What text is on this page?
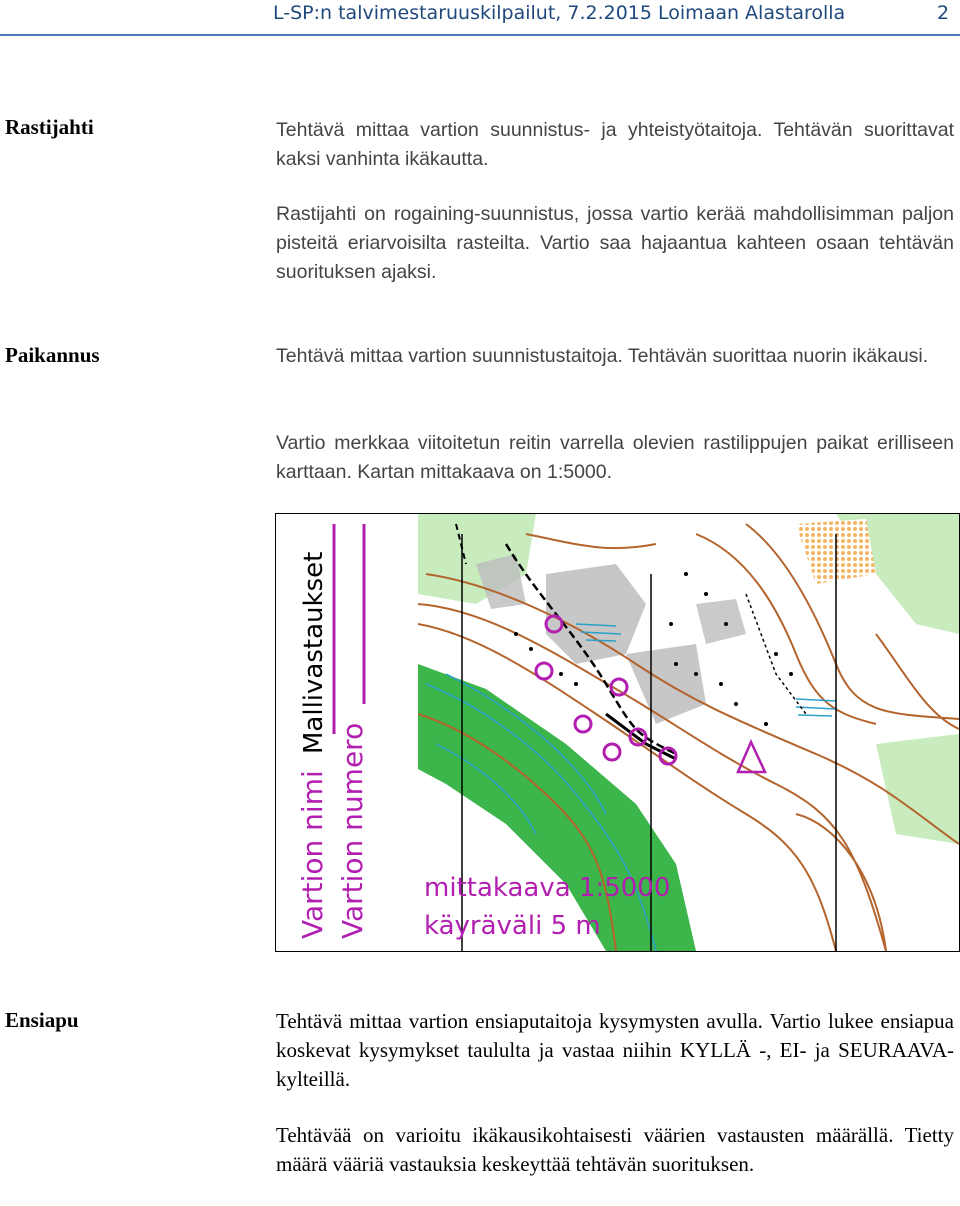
L-SP:n talvimestaruuskilpailut, 7.2.2015 Loimaan Alastarolla	2
Rastijahti	Tehtävä mittaa vartion suunnistus- ja yhteistyötaitoja. Tehtävän suorittavat kaksi vanhinta ikäkautta.

Rastijahti on rogaining-suunnistus, jossa vartio kerää mahdollisimman paljon pisteitä eriarvoisilta rasteilta. Vartio saa hajaantua kahteen osaan tehtävän suorituksen ajaksi.

Paikannus	Tehtävä mittaa vartion suunnistustaitoja. Tehtävän suorittaa nuorin ikäkausi.

Vartio merkkaa viitoitetun reitin varrella olevien rastilippujen paikat erilliseen karttaan. Kartan mittakaava on 1:5000.

Mallivastaukset
Vartion nimi Vartion numero mittakaava 1:5000
käyräväli 5 m
Ensiapu	Tehtävä mittaa vartion ensiaputaitoja kysymysten avulla. Vartio lukee ensiapua koskevat kysymykset taululta ja vastaa niihin KYLLÄ -, EI- ja SEURAAVA-kylteillä.

Tehtävää on varioitu ikäkausikohtaisesti väärien vastausten määrällä. Tietty määrä vääriä vastauksia keskeyttää tehtävän suorituksen.
